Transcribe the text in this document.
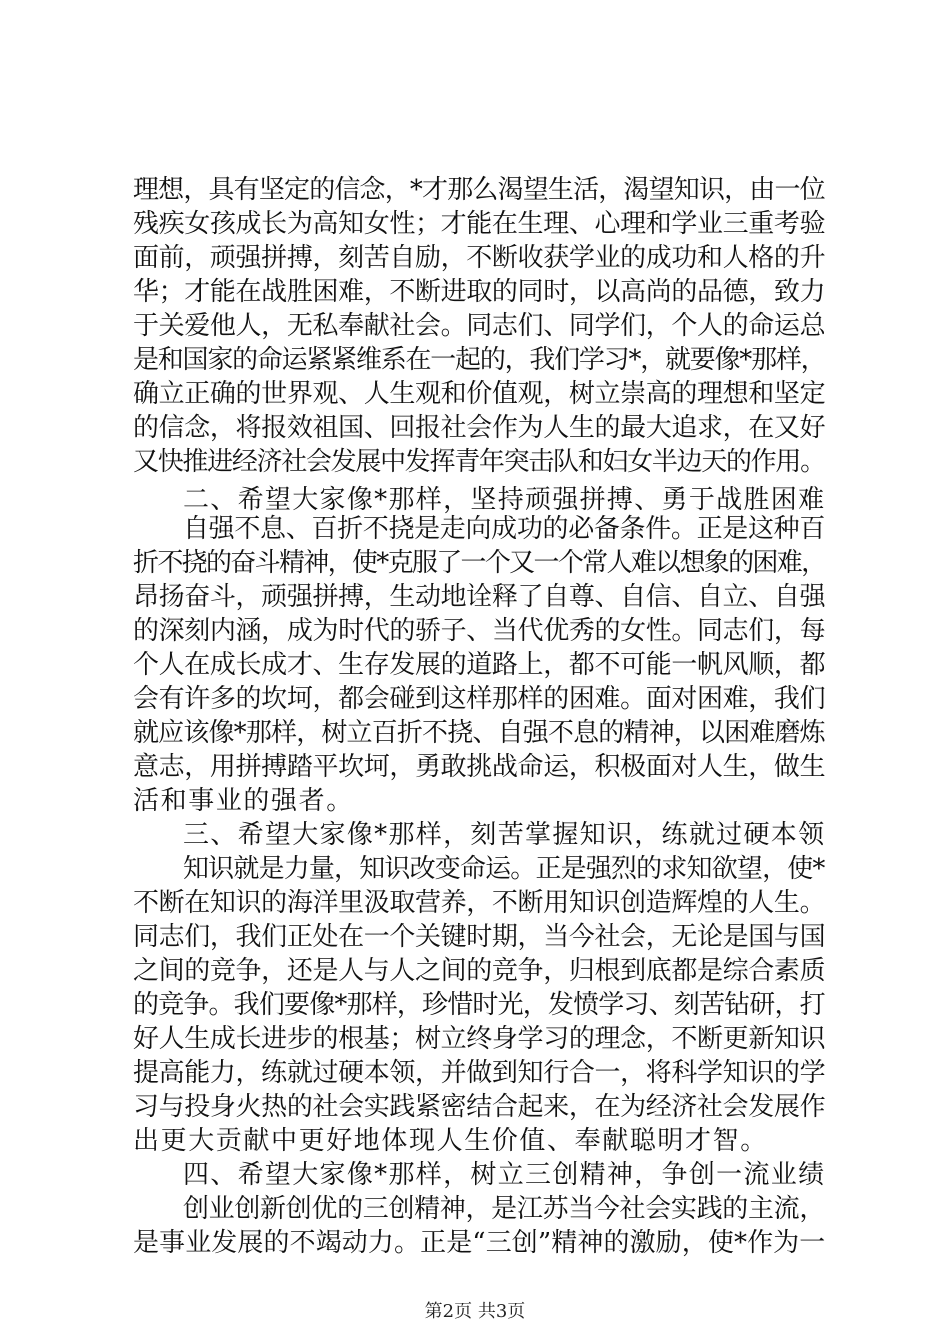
理想，具有坚定的信念，*才那么渴望生活，渴望知识，由一位
残疾女孩成长为高知女性；才能在生理、心理和学业三重考验
面前，顽强拼搏，刻苦自励，不断收获学业的成功和人格的升
华；才能在战胜困难，不断进取的同时，以高尚的品德，致力
于关爱他人，无私奉献社会。同志们、同学们，个人的命运总
是和国家的命运紧紧维系在一起的，我们学习*，就要像*那样，
确立正确的世界观、人生观和价值观，树立崇高的理想和坚定
的信念，将报效祖国、回报社会作为人生的最大追求，在又好
又快推进经济社会发展中发挥青年突击队和妇女半边天的作用。
二、希望大家像*那样，坚持顽强拼搏、勇于战胜困难
自强不息、百折不挠是走向成功的必备条件。正是这种百
折不挠的奋斗精神，使*克服了一个又一个常人难以想象的困难，
昂扬奋斗，顽强拼搏，生动地诠释了自尊、自信、自立、自强
的深刻内涵，成为时代的骄子、当代优秀的女性。同志们，每
个人在成长成才、生存发展的道路上，都不可能一帆风顺，都
会有许多的坎坷，都会碰到这样那样的困难。面对困难，我们
就应该像*那样，树立百折不挠、自强不息的精神，以困难磨炼
意志，用拼搏踏平坎坷，勇敢挑战命运，积极面对人生，做生
活和事业的强者。
三、希望大家像*那样，刻苦掌握知识，练就过硬本领
知识就是力量，知识改变命运。正是强烈的求知欲望，使*
不断在知识的海洋里汲取营养，不断用知识创造辉煌的人生。
同志们，我们正处在一个关键时期，当今社会，无论是国与国
之间的竞争，还是人与人之间的竞争，归根到底都是综合素质
的竞争。我们要像*那样，珍惜时光，发愤学习、刻苦钻研，打
好人生成长进步的根基；树立终身学习的理念，不断更新知识
提高能力，练就过硬本领，并做到知行合一，将科学知识的学
习与投身火热的社会实践紧密结合起来，在为经济社会发展作
出更大贡献中更好地体现人生价值、奉献聪明才智。
四、希望大家像*那样，树立三创精神，争创一流业绩
创业创新创优的三创精神，是江苏当今社会实践的主流，
是事业发展的不竭动力。正是“三创”精神的激励，使*作为一
第2页 共3页
